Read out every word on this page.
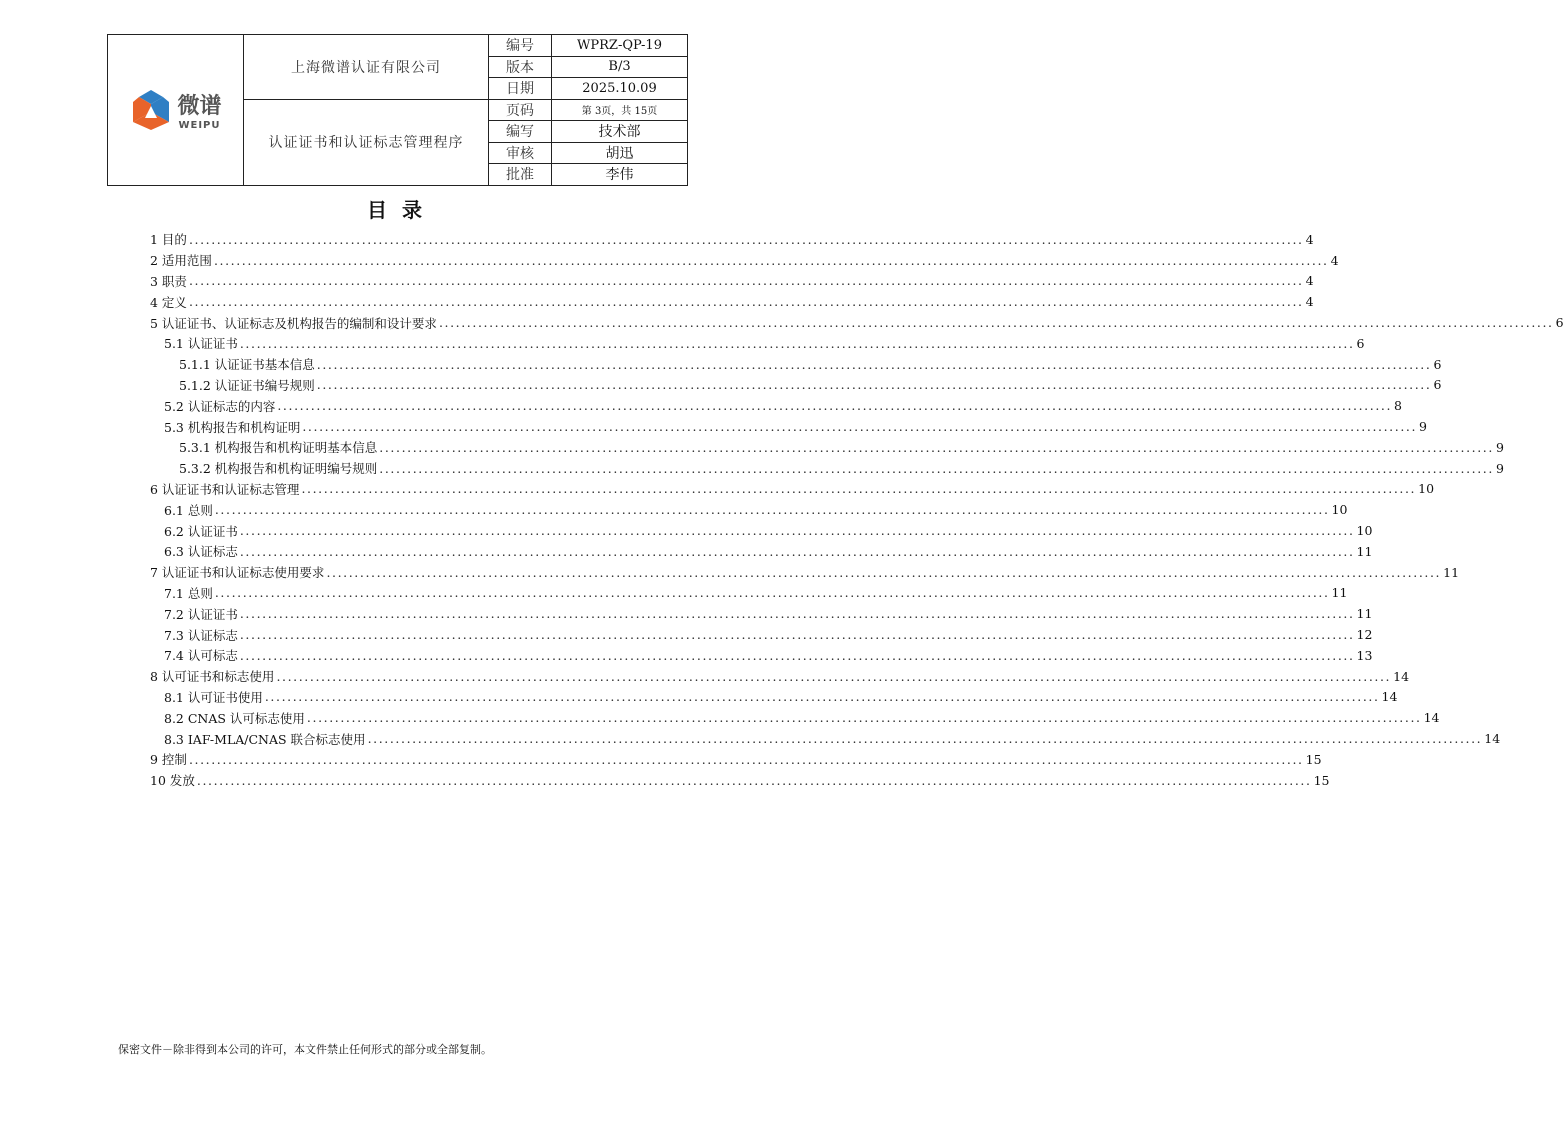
微谱
WEIPU	上海微谱认证有限公司	编号	WPRZ-QP-19
		版本	B/3
		日期	2025.10.09
	认证证书和认证标志管理程序	页码	第 3页，共 15页
		编写	技术部
		审核	胡迅
		批准	李伟
目 录
1 目的 ........................................................................................................................................................................................................ 4
2 适用范围 ........................................................................................................................................................................................................ 4
3 职责 ........................................................................................................................................................................................................ 4
4 定义 ........................................................................................................................................................................................................ 4
5 认证证书、认证标志及机构报告的编制和设计要求 ........................................................................................................................................................................................................ 6
5.1 认证证书 ........................................................................................................................................................................................................ 6
5.1.1 认证证书基本信息 ........................................................................................................................................................................................................ 6
5.1.2 认证证书编号规则 ........................................................................................................................................................................................................ 6
5.2 认证标志的内容 ........................................................................................................................................................................................................ 8
5.3 机构报告和机构证明 ........................................................................................................................................................................................................ 9
5.3.1 机构报告和机构证明基本信息 ........................................................................................................................................................................................................ 9
5.3.2 机构报告和机构证明编号规则 ........................................................................................................................................................................................................ 9
6 认证证书和认证标志管理 ........................................................................................................................................................................................................ 10
6.1 总则 ........................................................................................................................................................................................................ 10
6.2 认证证书 ........................................................................................................................................................................................................ 10
6.3 认证标志 ........................................................................................................................................................................................................ 11
7 认证证书和认证标志使用要求 ........................................................................................................................................................................................................ 11
7.1 总则 ........................................................................................................................................................................................................ 11
7.2 认证证书 ........................................................................................................................................................................................................ 11
7.3 认证标志 ........................................................................................................................................................................................................ 12
7.4 认可标志 ........................................................................................................................................................................................................ 13
8 认可证书和标志使用 ........................................................................................................................................................................................................ 14
8.1 认可证书使用 ........................................................................................................................................................................................................ 14
8.2 CNAS 认可标志使用 ........................................................................................................................................................................................................ 14
8.3 IAF-MLA/CNAS 联合标志使用 ........................................................................................................................................................................................................ 14
9 控制 ........................................................................................................................................................................................................ 15
10 发放 ........................................................................................................................................................................................................ 15
保密文件－除非得到本公司的许可，本文件禁止任何形式的部分或全部复制。
